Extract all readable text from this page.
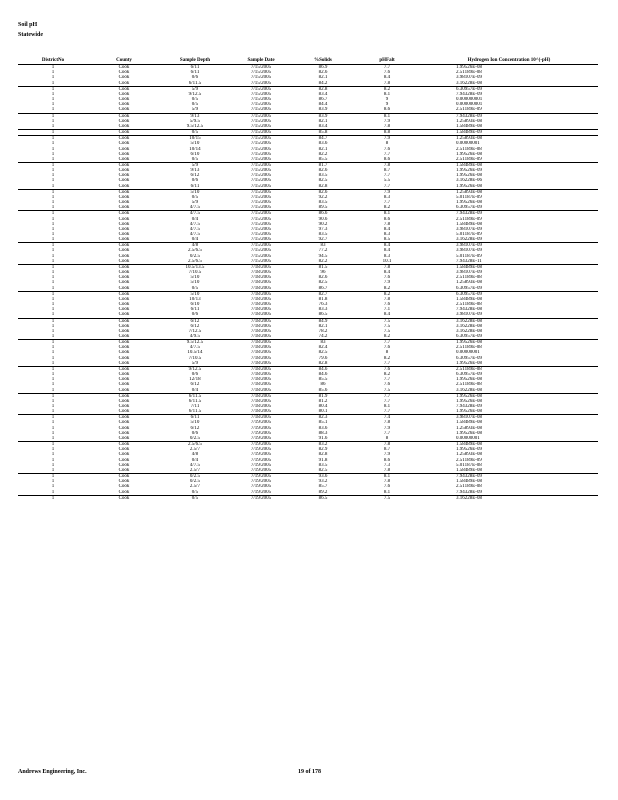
Soil pH
Statewide
DistrictNo	County	Sample Depth	Sample Date	%Solids	pHFalt	Hydrogen Ion Concentration 10^(-pH)
1	Cook	6/11	7/15/2005	86.9	7.7	1.99526E-08
1	Cook	6/11	7/15/2005	82.6	7.6	2.51189E-08
1	Cook	0/6	7/15/2005	82.1	8.4	3.98107E-09
1	Cook	6/11.5	7/15/2005	84.2	7.8	3.16228E-08
1	Cook	5/9	7/15/2005	82.8	8.2	6.30957E-09
1	Cook	9/12.5	7/15/2005	83.4	8.1	7.94328E-09
1	Cook	0/5	7/15/2005	86.7	9	0.000000001
1	Cook	0/5	7/15/2005	84.4	9	0.000000001
1	Cook	5/9	7/15/2005	83.9	8.6	2.51189E-09
1	Cook	9/13	7/15/2005	83.9	8.1	7.94328E-09
1	Cook	5/9.5	7/15/2005	82.1	7.9	1.25893E-08
1	Cook	9.5/12.5	7/15/2005	83.4	7.8	1.58489E-08
1	Cook	0/5	7/15/2005	85.8	8.8	1.58489E-09
1	Cook	10/15	7/15/2005	84.7	7.9	1.25893E-08
1	Cook	5/10	7/15/2005	83.6	8	0.00000001
1	Cook	10/14	7/15/2005	82.1	7.6	2.51189E-08
1	Cook	6/10	7/15/2005	82.2	7.7	1.99526E-08
1	Cook	0/5	7/15/2005	85.5	8.6	2.51189E-09
1	Cook	5/9	7/15/2005	81.7	7.8	1.58489E-08
1	Cook	9/13	7/15/2005	82.6	8.7	1.99526E-09
1	Cook	6/12	7/15/2005	83.5	7.7	1.99526E-08
1	Cook	0/6	7/15/2005	82.5	5.5	3.16228E-06
1	Cook	6/11	7/15/2005	82.8	7.7	1.99526E-08
1	Cook	5/10	7/15/2005	82.6	7.9	1.25893E-08
1	Cook	0/5	7/15/2005	92.2	8.3	5.01187E-09
1	Cook	5/9	7/15/2005	83.5	7.7	1.99526E-08
1	Cook	4/7.5	7/15/2005	89.5	8.2	6.30957E-09
1	Cook	4/7.5	7/15/2005	86.6	8.1	7.94328E-09
1	Cook	0/4	7/15/2005	90.6	8.6	2.51189E-09
1	Cook	4/7.5	7/15/2005	90.2	7.8	1.58489E-08
1	Cook	4/7.5	7/15/2005	97.3	8.4	3.98107E-09
1	Cook	4/7.5	7/15/2005	83.5	8.3	5.01187E-09
1	Cook	0/4	7/15/2005	92.7	8.5	3.16228E-09
1	Cook	4/8	7/15/2005	83	8.4	3.98107E-09
1	Cook	2.5/6.5	7/15/2005	77.2	8.4	3.98107E-09
1	Cook	0/2.5	7/15/2005	94.5	8.3	5.01187E-09
1	Cook	2.5/6.5	7/15/2005	82.2	10.1	7.94328E-11
1	Cook	10.5/13.5	7/18/2005	81.5	7.8	1.58489E-08
1	Cook	7/10.5	7/18/2005	96	8.4	3.98107E-09
1	Cook	5/10	7/18/2005	82.6	7.6	2.51189E-08
1	Cook	5/10	7/18/2005	82.5	7.9	1.25893E-08
1	Cook	0/5	7/18/2005	86.7	8.2	6.30957E-09
1	Cook	5/10	7/18/2005	82.7	8.2	6.30957E-09
1	Cook	10/13	7/18/2005	81.8	7.8	1.58489E-08
1	Cook	6/10	7/18/2005	76.3	7.6	2.51189E-08
1	Cook	6/11	7/18/2005	83.3	7.1	7.94328E-08
1	Cook	0/6	7/18/2005	86.5	8.4	3.98107E-09
1	Cook	6/12	7/18/2005	84.9	7.5	3.16228E-08
1	Cook	6/12	7/18/2005	82.1	7.5	3.16228E-08
1	Cook	7/12.5	7/18/2005	78.2	7.5	3.16228E-08
1	Cook	4/9.5	7/18/2005	74.2	8.2	6.30957E-09
1	Cook	9.5/12.5	7/18/2005	83	7.7	1.99526E-08
1	Cook	4/7.5	7/18/2005	82.4	7.6	2.51189E-08
1	Cook	10.5/14	7/18/2005	82.5	8	0.00000001
1	Cook	7/10.5	7/18/2005	79.6	8.2	6.30957E-09
1	Cook	5/9	7/18/2005	82.8	7.7	1.99526E-08
1	Cook	9/12.5	7/18/2005	84.6	7.6	2.51189E-08
1	Cook	0/6	7/18/2005	84.6	8.2	6.30957E-09
1	Cook	12/18	7/18/2005	85.5	7.7	1.99526E-08
1	Cook	6/12	7/18/2005	86	7.6	2.51189E-08
1	Cook	0/4	7/18/2005	85.6	7.5	3.16228E-08
1	Cook	6/11.5	7/18/2005	81.9	7.7	1.99526E-08
1	Cook	6/11.5	7/18/2005	81.2	7.7	1.99526E-08
1	Cook	7/11	7/18/2005	80.4	8.1	7.94328E-09
1	Cook	6/11.5	7/18/2005	80.1	7.7	1.99526E-08
1	Cook	6/11	7/18/2005	82.3	7.4	3.98107E-08
1	Cook	5/10	7/19/2005	85.1	7.8	1.58489E-08
1	Cook	6/12	7/19/2005	83.6	7.9	1.25893E-08
1	Cook	0/6	7/19/2005	88.3	7.7	1.99526E-08
1	Cook	0/2.5	7/19/2005	91.6	8	0.00000001
1	Cook	2.5/6.5	7/19/2005	83.2	7.8	1.58489E-08
1	Cook	2.5/7	7/19/2005	82.9	8.7	1.99526E-09
1	Cook	4/8	7/19/2005	82.8	7.9	1.25893E-08
1	Cook	0/4	7/19/2005	91.8	8.6	2.51189E-09
1	Cook	4/7.5	7/19/2005	83.5	7.3	5.01187E-08
1	Cook	2.5/7	7/19/2005	82.5	7.8	1.58489E-08
1	Cook	0/2.5	7/19/2005	93.6	8.1	7.94328E-09
1	Cook	0/2.5	7/19/2005	93.2	7.8	1.58489E-08
1	Cook	2.5/7	7/19/2005	85.7	7.6	2.51189E-08
1	Cook	0/5	7/19/2005	89.2	8.1	7.94328E-09
1	Cook	0/5	7/19/2005	86.5	7.5	3.16228E-08
Andrews Engineering, Inc.	19 of 178
